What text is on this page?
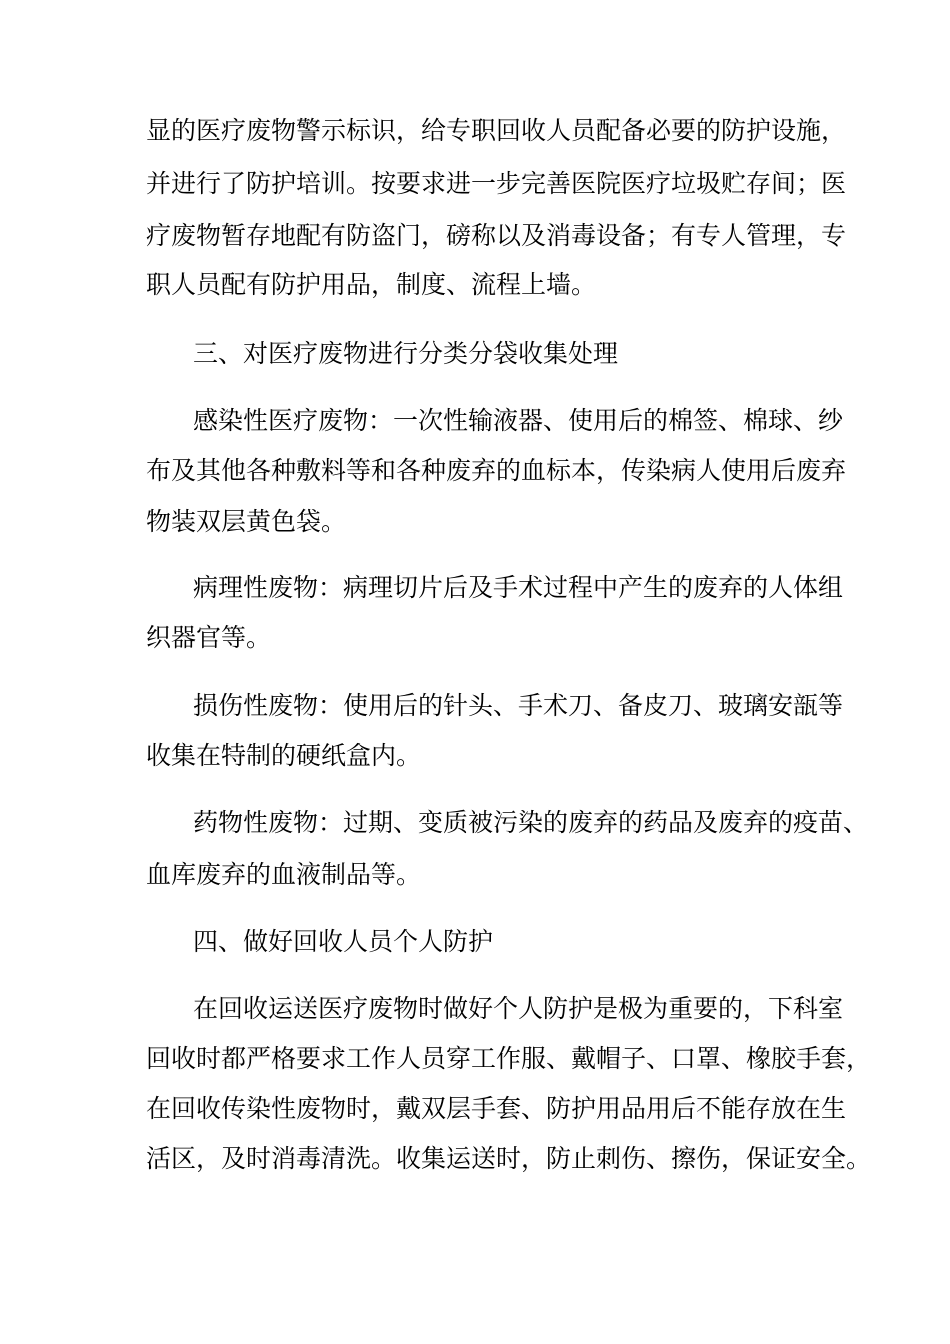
显的医疗废物警示标识，给专职回收人员配备必要的防护设施，
并进行了防护培训。按要求进一步完善医院医疗垃圾贮存间；医
疗废物暂存地配有防盗门，磅称以及消毒设备；有专人管理，专
职人员配有防护用品，制度、流程上墙。
三、对医疗废物进行分类分袋收集处理
感染性医疗废物：一次性输液器、使用后的棉签、棉球、纱
布及其他各种敷料等和各种废弃的血标本，传染病人使用后废弃
物装双层黄色袋。
病理性废物：病理切片后及手术过程中产生的废弃的人体组
织器官等。
损伤性废物：使用后的针头、手术刀、备皮刀、玻璃安瓿等
收集在特制的硬纸盒内。
药物性废物：过期、变质被污染的废弃的药品及废弃的疫苗、
血库废弃的血液制品等。
四、做好回收人员个人防护
在回收运送医疗废物时做好个人防护是极为重要的，下科室
回收时都严格要求工作人员穿工作服、戴帽子、口罩、橡胶手套，
在回收传染性废物时，戴双层手套、防护用品用后不能存放在生
活区，及时消毒清洗。收集运送时，防止刺伤、擦伤，保证安全。
